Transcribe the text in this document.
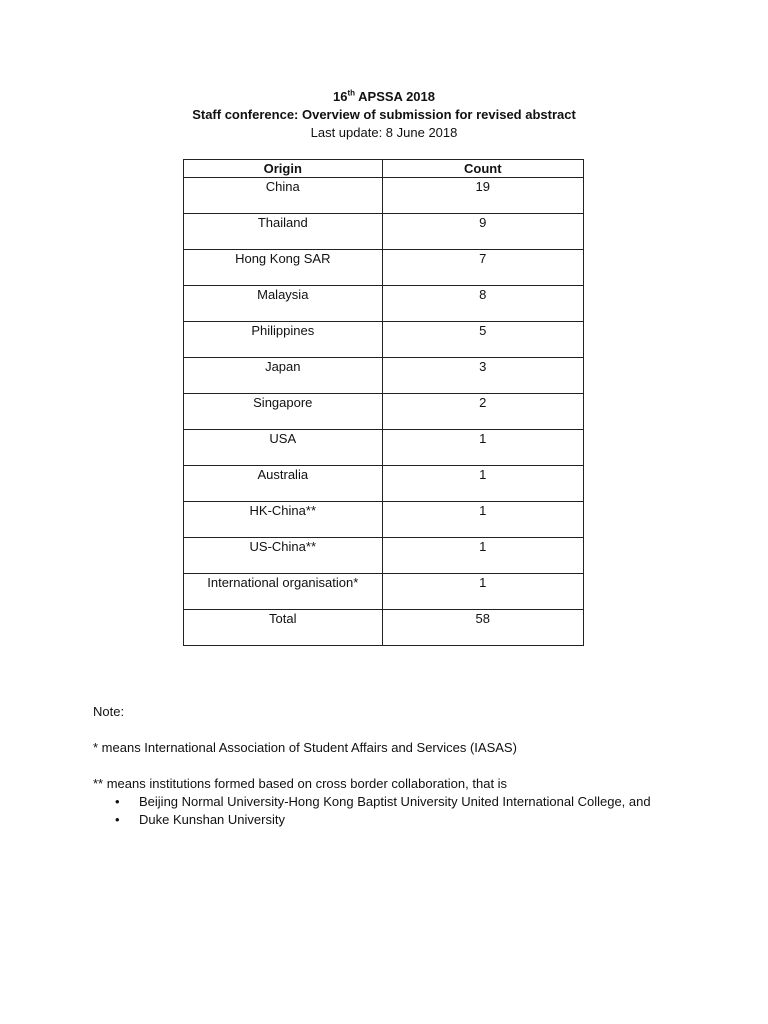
16th APSSA 2018
Staff conference: Overview of submission for revised abstract
Last update: 8 June 2018
Origin	Count
China	19
Thailand	9
Hong Kong SAR	7
Malaysia	8
Philippines	5
Japan	3
Singapore	2
USA	1
Australia	1
HK-China**	1
US-China**	1
International organisation*	1
Total	58

Note:

* means International Association of Student Affairs and Services (IASAS)

** means institutions formed based on cross border collaboration, that is

• Beijing Normal University-Hong Kong Baptist University United International College, and
• Duke Kunshan University
